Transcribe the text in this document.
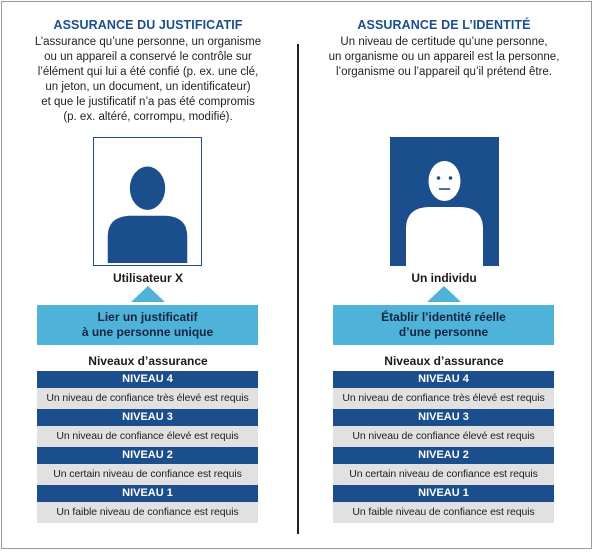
ASSURANCE DU JUSTIFICATIF
L’assurance qu’une personne, un organisme
ou un appareil a conservé le contrôle sur
l’élément qui lui a été confié (p. ex. une clé,
un jeton, un document, un identificateur)
et que le justificatif n’a pas été compromis
(p. ex. altéré, corrompu, modifié).
Utilisateur X
Lier un justificatif
à une personne unique
Niveaux d’assurance
NIVEAU 4
Un niveau de confiance très élevé est requis
NIVEAU 3
Un niveau de confiance élevé est requis
NIVEAU 2
Un certain niveau de confiance est requis
NIVEAU 1
Un faible niveau de confiance est requis
ASSURANCE DE L’IDENTITÉ
Un niveau de certitude qu’une personne,
un organisme ou un appareil est la personne,
l’organisme ou l’appareil qu’il prétend être.
Un individu
Établir l’identité réelle
d’une personne
Niveaux d’assurance
NIVEAU 4
Un niveau de confiance très élevé est requis
NIVEAU 3
Un niveau de confiance élevé est requis
NIVEAU 2
Un certain niveau de confiance est requis
NIVEAU 1
Un faible niveau de confiance est requis
